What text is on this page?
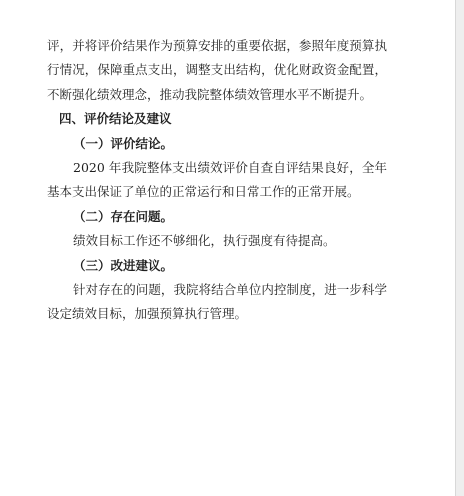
评，并将评价结果作为预算安排的重要依据，参照年度预算执行情况，保障重点支出，调整支出结构，优化财政资金配置，不断强化绩效理念，推动我院整体绩效管理水平不断提升。

四、评价结论及建议

（一）评价结论。

2020 年我院整体支出绩效评价自查自评结果良好，全年基本支出保证了单位的正常运行和日常工作的正常开展。

（二）存在问题。

绩效目标工作还不够细化，执行强度有待提高。

（三）改进建议。

针对存在的问题，我院将结合单位内控制度，进一步科学设定绩效目标，加强预算执行管理。
